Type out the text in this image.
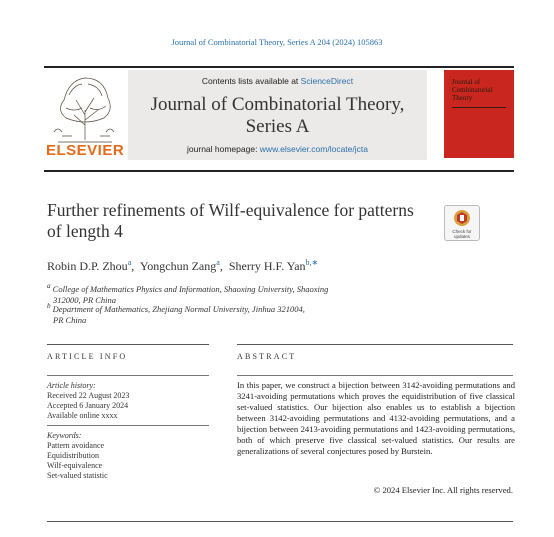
Journal of Combinatorial Theory, Series A 204 (2024) 105863
ELSEVIER
Contents lists available at ScienceDirect
Journal of Combinatorial Theory,
Series A
journal homepage: www.elsevier.com/locate/jcta
Journal of
Combinatorial
Theory
Further refinements of Wilf-equivalence for patterns
of length 4	Check for updates
Robin D.P. Zhou$^a$,  Yongchun Zang$^a$,  Sherry H.F. Yan$^{b,∗}$
$^a$ College of Mathematics Physics and Information, Shaoxing University, Shaoxing
312000, PR China
$^b$ Department of Mathematics, Zhejiang Normal University, Jinhua 321004,
PR China
ARTICLE INFO	ABSTRACT
Article history:
Received 22 August 2023
Accepted 6 January 2024
Available online xxxx
Keywords:
Pattern avoidance
Equidistribution
Wilf-equivalence
Set-valued statistic
In this paper, we construct a bijection between 3142-avoiding permutations and 3241-avoiding permutations which proves the equidistribution of five classical set-valued statistics. Our bijection also enables us to establish a bijection between 3142-avoiding permutations and 4132-avoiding permutations, and a bijection between 2413-avoiding permutations and 1423-avoiding permutations, both of which preserve five classical set-valued statistics. Our results are generalizations of several conjectures posed by Burstein.
© 2024 Elsevier Inc. All rights reserved.
